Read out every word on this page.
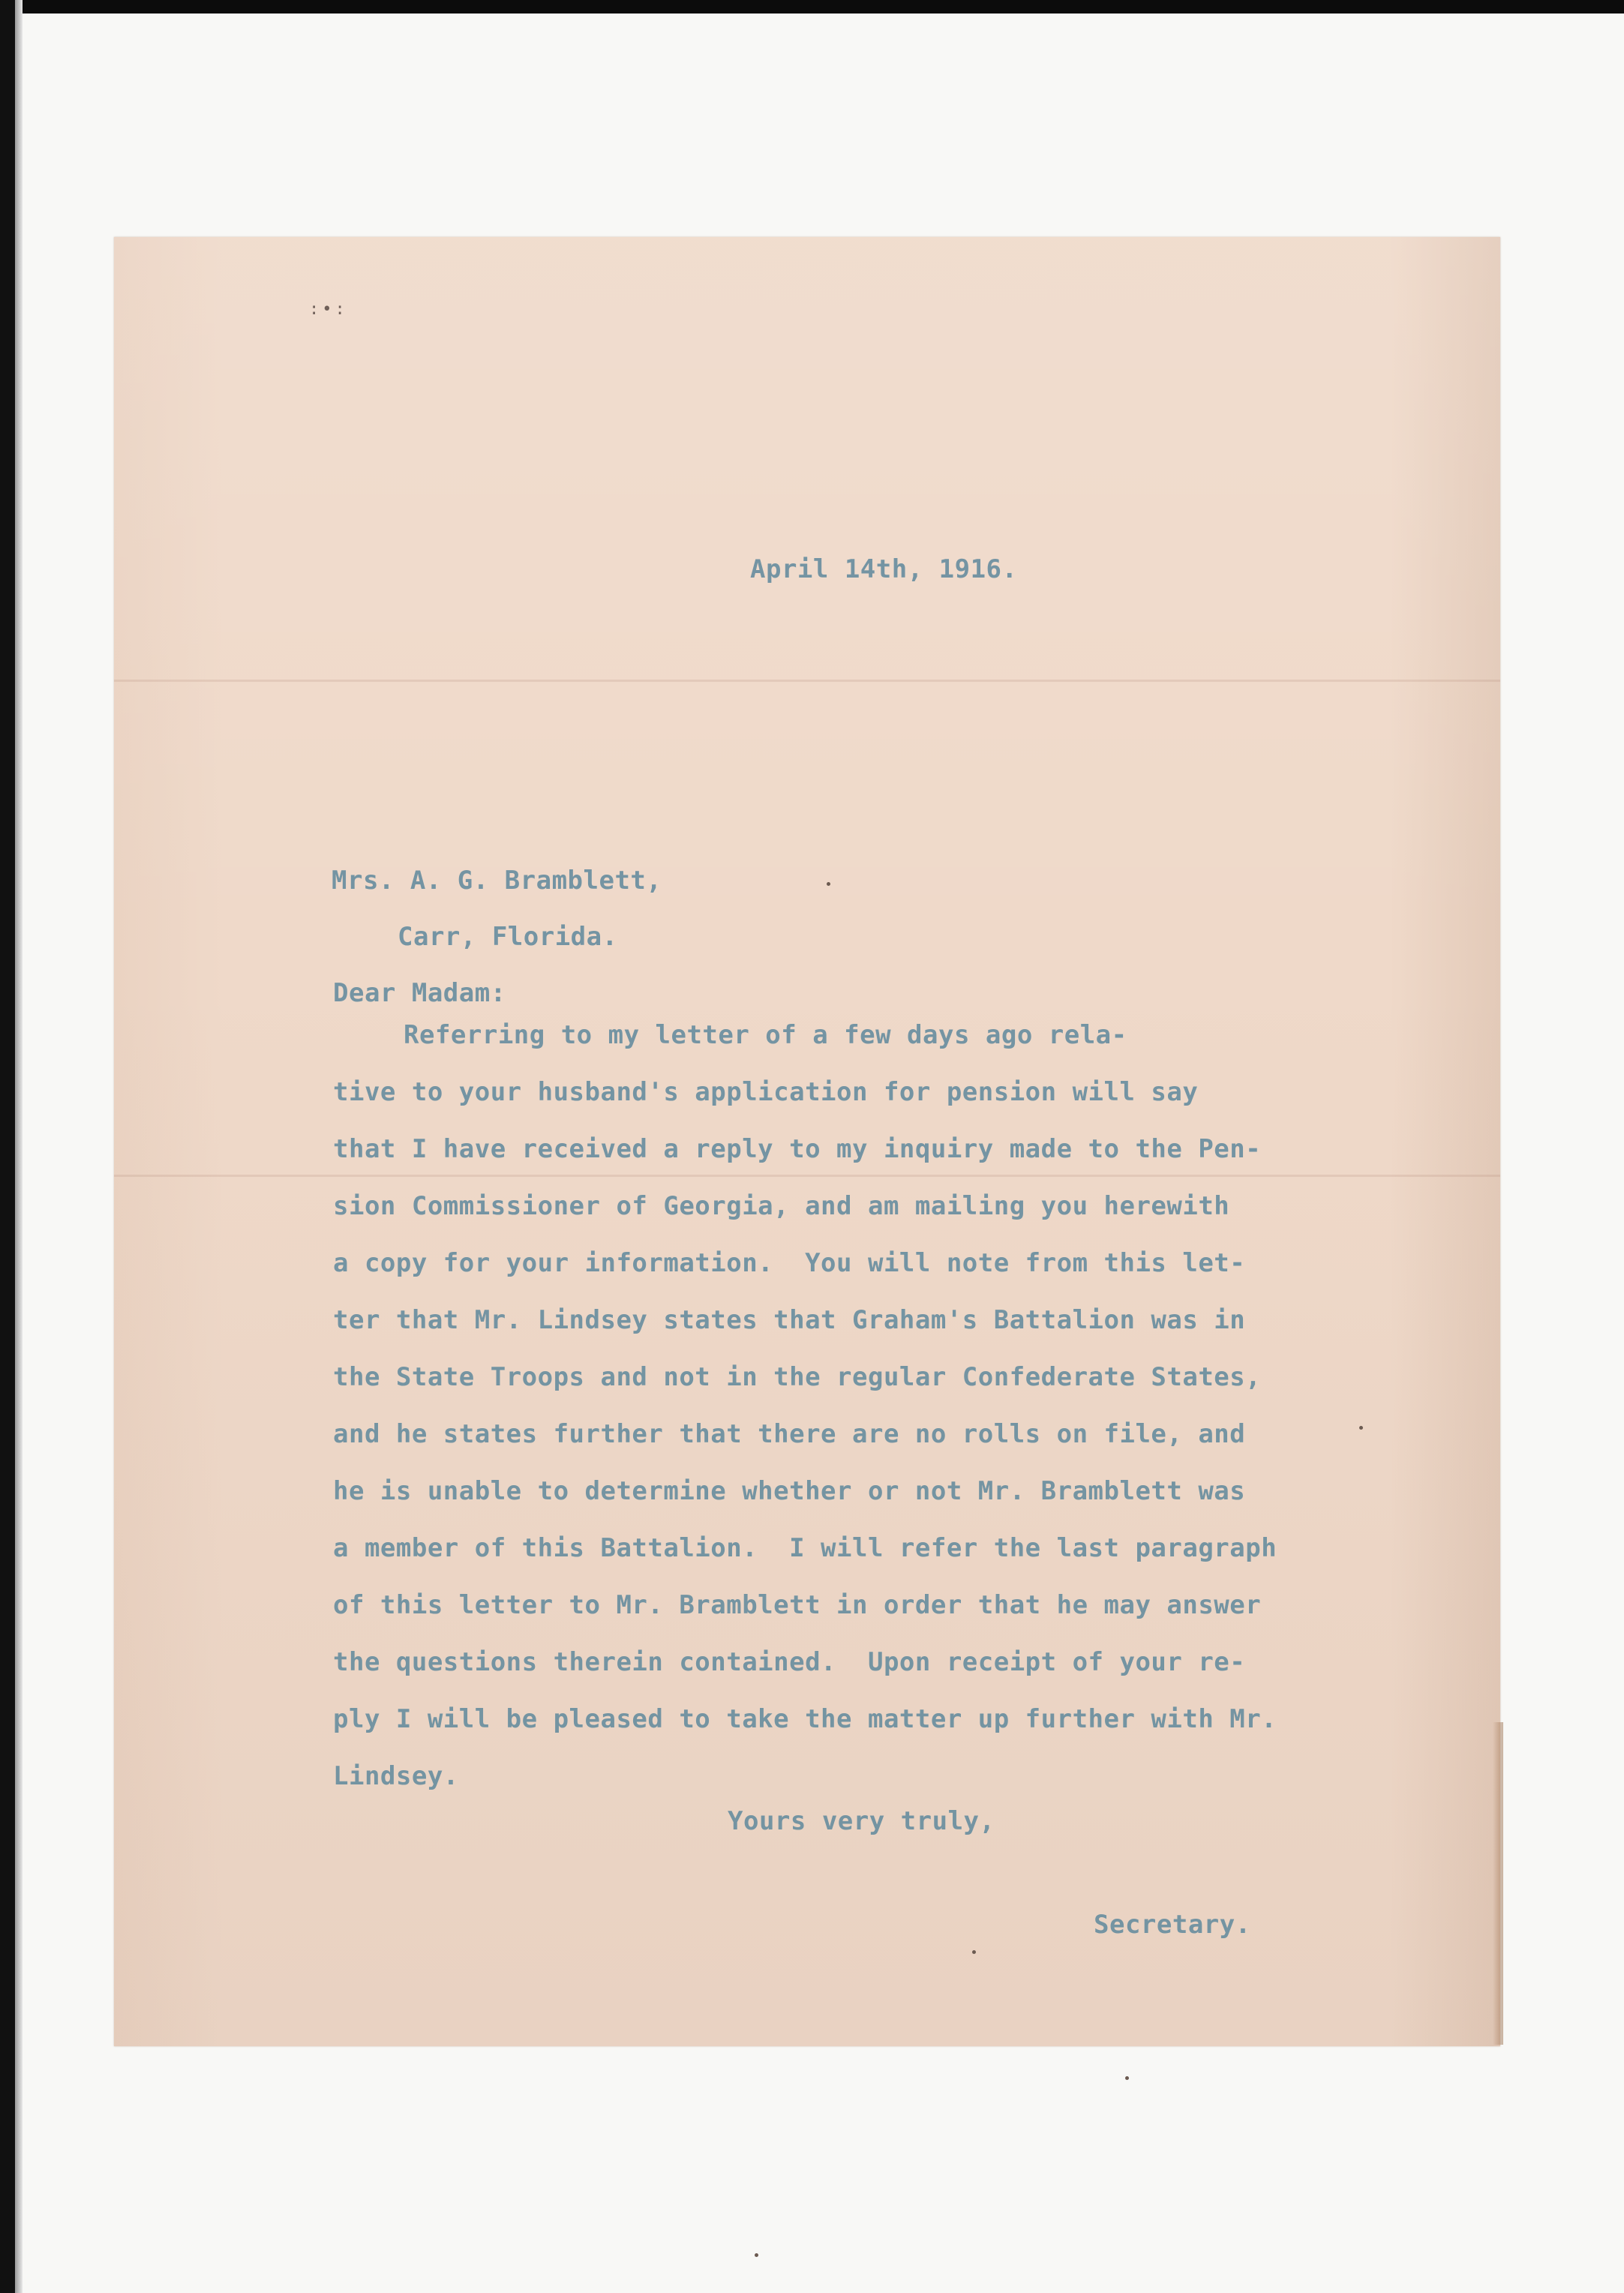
:•:

April 14th, 1916.

Mrs. A. G. Bramblett,

Carr, Florida.

Dear Madam:

Referring to my letter of a few days ago rela-

tive to your husband's application for pension will say

that I have received a reply to my inquiry made to the Pen-

sion Commissioner of Georgia, and am mailing you herewith

a copy for your information.  You will note from this let-

ter that Mr. Lindsey states that Graham's Battalion was in

the State Troops and not in the regular Confederate States,

and he states further that there are no rolls on file, and

he is unable to determine whether or not Mr. Bramblett was

a member of this Battalion.  I will refer the last paragraph

of this letter to Mr. Bramblett in order that he may answer

the questions therein contained.  Upon receipt of your re-

ply I will be pleased to take the matter up further with Mr.

Lindsey.

Yours very truly,

Secretary.
